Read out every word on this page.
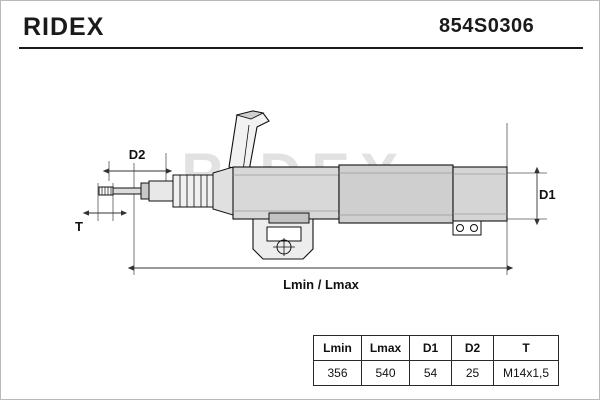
RIDEX	854S0306
D2
D1
T
Lmin / Lmax
Lmin	Lmax	D1	D2	T
356	540	54	25	M14x1,5
